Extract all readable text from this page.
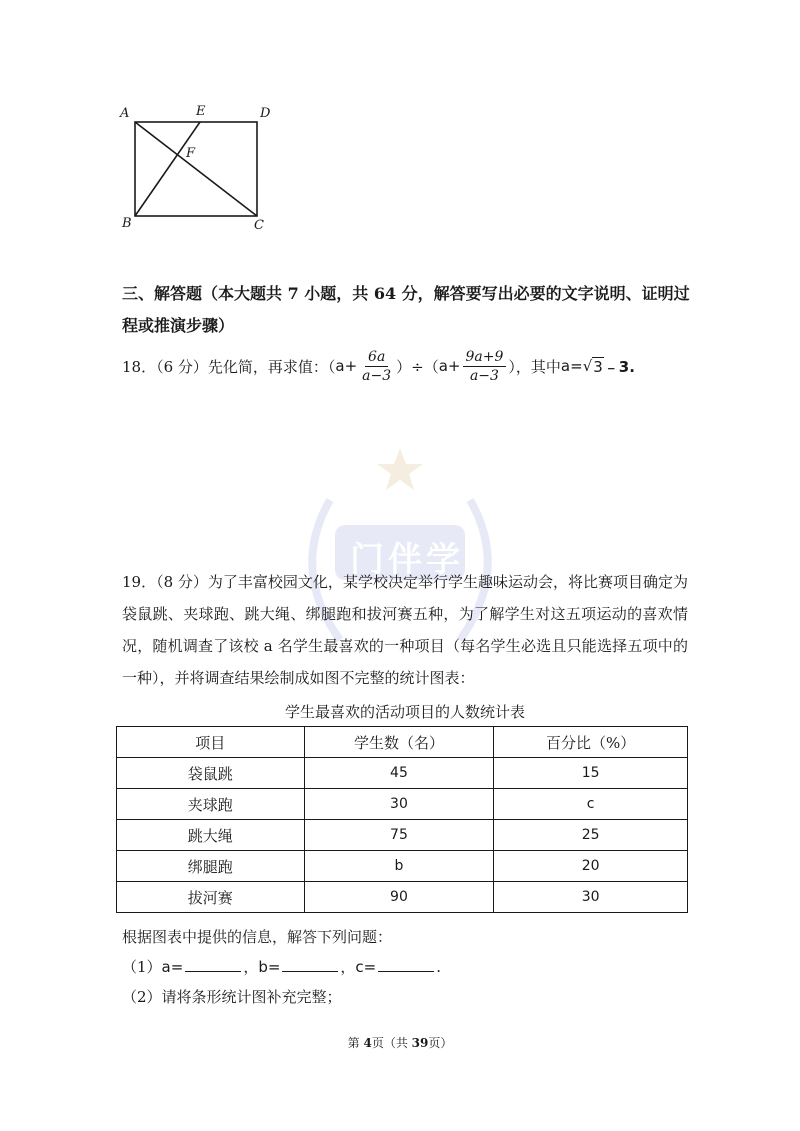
A	E	D
F
B	C
门伴学
三、解答题（本大题共 7 小题，共 64 分，解答要写出必要的文字说明、证明过
程或推演步骤）
18．（6 分）先化简，再求值：（ $a+ \frac{6a}{a-3}$ ）÷（ $a+ \frac{9a+9}{a-3}$ ），其中 a= √ 3 ﹣3.
19．（8 分）为了丰富校园文化，某学校决定举行学生趣味运动会，将比赛项目确定为袋鼠跳、夹球跑、跳大绳、绑腿跑和拔河赛五种，为了解学生对这五项运动的喜欢情况，随机调查了该校 a 名学生最喜欢的一种项目（每名学生必选且只能选择五项中的一种），并将调查结果绘制成如图不完整的统计图表：
学生最喜欢的活动项目的人数统计表
项目	学生数（名）	百分比（%）
袋鼠跳	45	15
夹球跑	30	c
跳大绳	75	25
绑腿跑	b	20
拔河赛	90	30
根据图表中提供的信息，解答下列问题：
（1）a=	，b=	，c=	.
（2）请将条形统计图补充完整；
第 4页（共 39页）
